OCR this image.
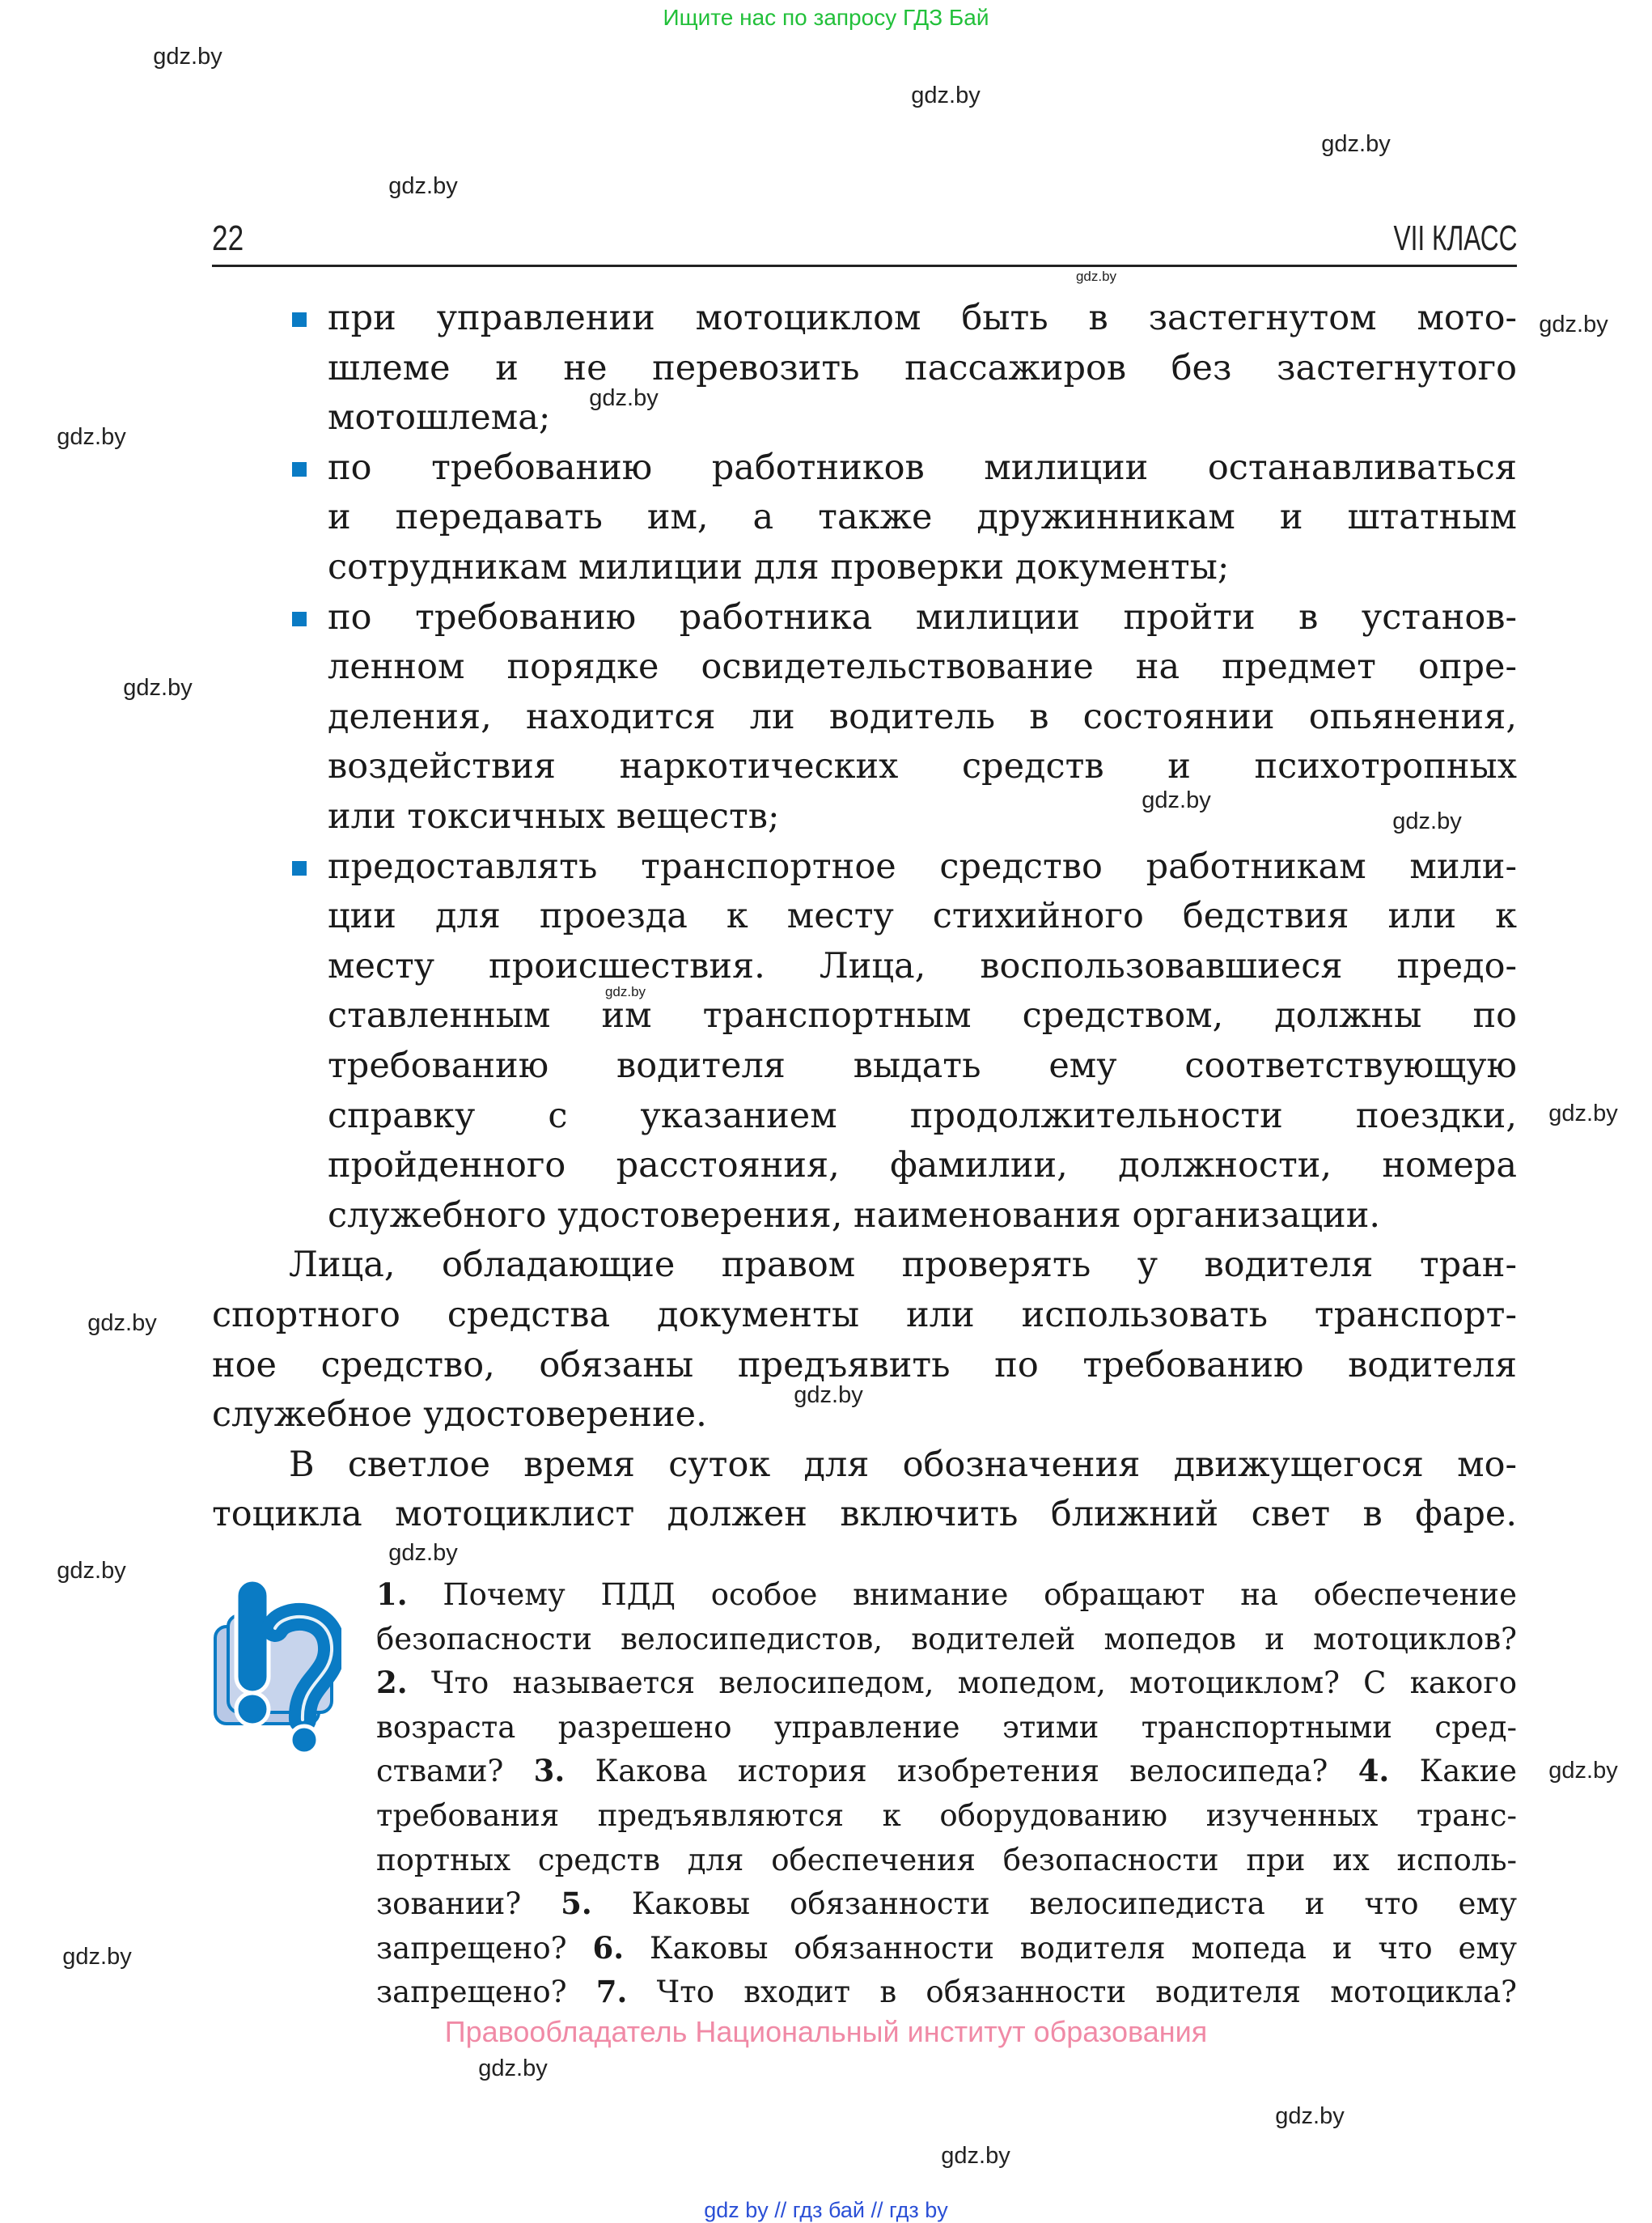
Ищите нас по запросу ГДЗ Бай
22	VII КЛАСС
при управлении мотоциклом быть в застегнутом мото-
шлеме и не перевозить пассажиров без застегнутого
мотошлема;
по требованию работников милиции останавливаться
и передавать им, а также дружинникам и штатным
сотрудникам милиции для проверки документы;
по требованию работника милиции пройти в установ-
ленном порядке освидетельствование на предмет опре-
деления, находится ли водитель в состоянии опьянения,
воздействия наркотических средств и психотропных
или токсичных веществ;
предоставлять транспортное средство работникам мили-
ции для проезда к месту стихийного бедствия или к
месту происшествия. Лица, воспользовавшиеся предо-
ставленным им транспортным средством, должны по
требованию водителя выдать ему соответствующую
справку с указанием продолжительности поездки,
пройденного расстояния, фамилии, должности, номера
служебного удостоверения, наименования организации.
Лица, обладающие правом проверять у водителя тран-
спортного средства документы или использовать транспорт-
ное средство, обязаны предъявить по требованию водителя
служебное удостоверение.
В светлое время суток для обозначения движущегося мо-
тоцикла мотоциклист должен включить ближний свет в фаре.
1. Почему ПДД особое внимание обращают на обеспечение
безопасности велосипедистов, водителей мопедов и мотоциклов?
2. Что называется велосипедом, мопедом, мотоциклом? С какого
возраста разрешено управление этими транспортными сред-
ствами? 3. Какова история изобретения велосипеда? 4. Какие
требования предъявляются к оборудованию изученных транс-
портных средств для обеспечения безопасности при их исполь-
зовании? 5. Каковы обязанности велосипедиста и что ему
запрещено? 6. Каковы обязанности водителя мопеда и что ему
запрещено? 7. Что входит в обязанности водителя мотоцикла?
Правообладатель Национальный институт образования
gdz by // гдз бай // гдз by
gdz.by
gdz.by
gdz.by
gdz.by
gdz.by
gdz.by
gdz.by
gdz.by
gdz.by
gdz.by
gdz.by
gdz.by
gdz.by
gdz.by
gdz.by
gdz.by
gdz.by
gdz.by
gdz.by
gdz.by
gdz.by
gdz.by
